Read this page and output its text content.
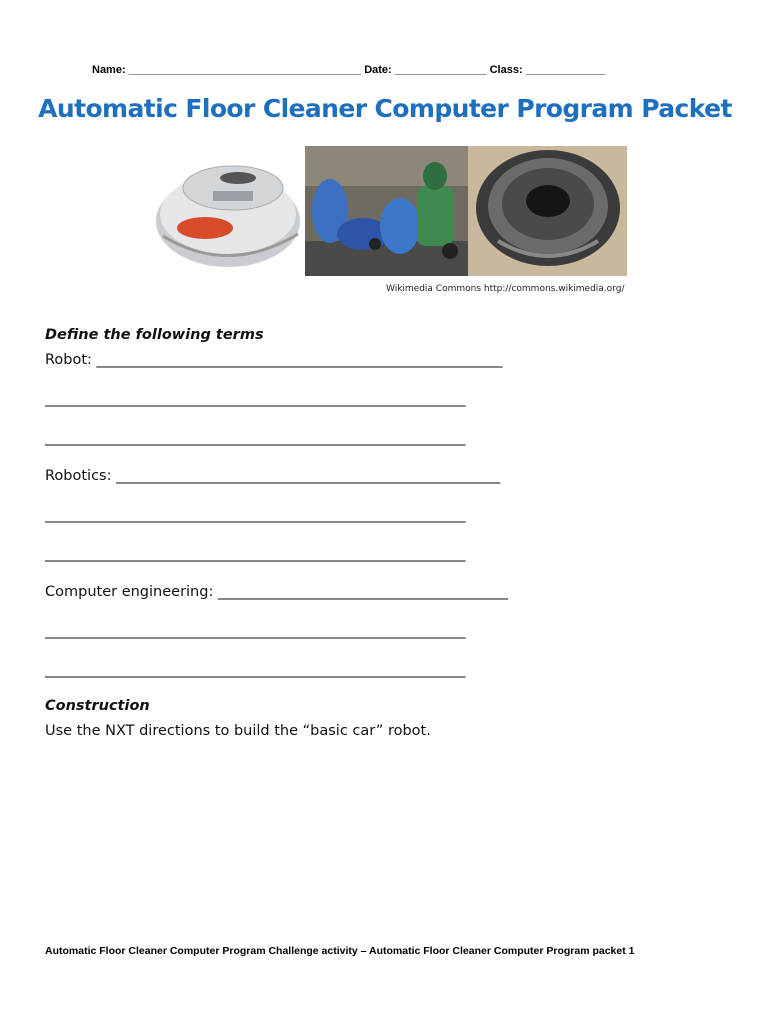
Name: ______________________________________ Date: _______________ Class: _____________
Automatic Floor Cleaner Computer Program Packet
Wikimedia Commons http://commons.wikimedia.org/
Define the following terms
Robot: ________________________________________________________
__________________________________________________________
__________________________________________________________
Robotics: _____________________________________________________
__________________________________________________________
__________________________________________________________
Computer engineering: ________________________________________
__________________________________________________________
__________________________________________________________
Construction
Use the NXT directions to build the “basic car” robot.
Automatic Floor Cleaner Computer Program Challenge activity – Automatic Floor Cleaner Computer Program packet 1
